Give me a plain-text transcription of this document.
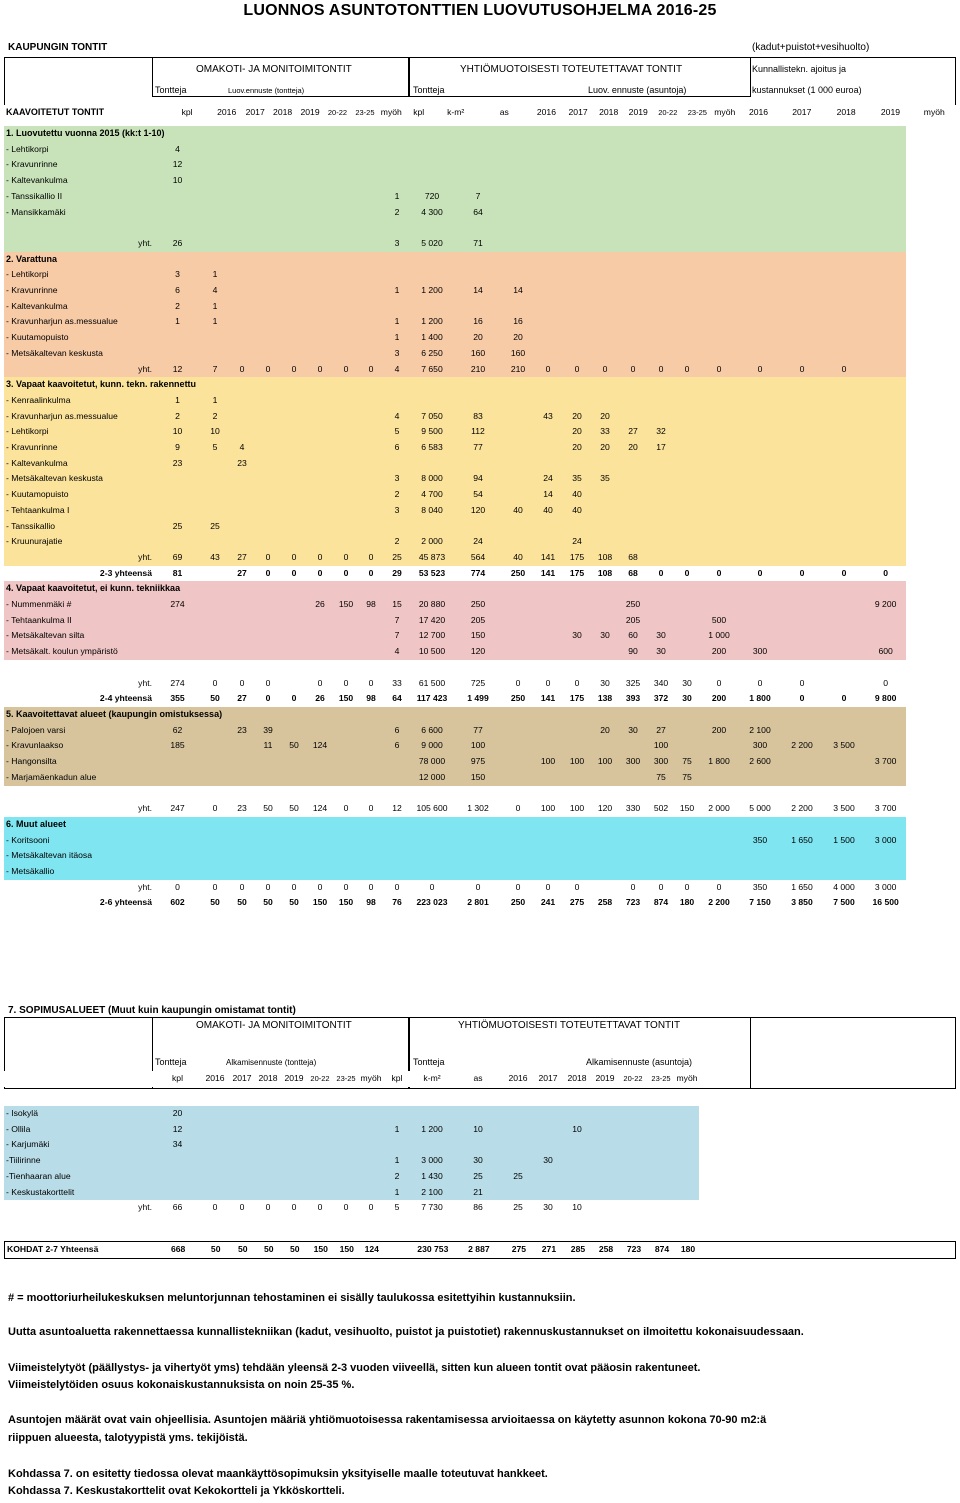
LUONNOS ASUNTOTONTTIEN LUOVUTUSOHJELMA 2016-25
KAUPUNGIN TONTIT	(kadut+puistot+vesihuolto)
OMAKOTI- JA MONITOIMITONTIT	YHTIÖMUOTOISESTI TOTEUTETTAVAT TONTIT	Kunnallistekn. ajoitus ja
Tontteja	Luov.ennuste (tontteja)	Tontteja	Luov. ennuste (asuntoja)	kustannukset (1 000 euroa)
KAAVOITETUT TONTIT	kpl	2016	2017	2018	2019	20-22	23-25	myöh	kpl	k-m²	as	2016	2017	2018	2019	20-22	23-25	myöh	2016	2017	2018	2019	myöh
1. Luovutettu vuonna 2015 (kk:t 1-10)																							
- Lehtikorpi	4																						
- Kravunrinne	12																						
- Kaltevankulma	10																						
- Tanssikallio II									1	720	7												
- Mansikkamäki									2	4 300	64												

yht.	26								3	5 020	71												
2. Varattuna																							
- Lehtikorpi	3	1																					
- Kravunrinne	6	4							1	1 200	14	14											
- Kaltevankulma	2	1																					
- Kravunharjun as.messualue	1	1							1	1 200	16	16											
- Kuutamopuisto									1	1 400	20	20											
- Metsäkaltevan keskusta									3	6 250	160	160											
yht.	12	7	0	0	0	0	0	0	4	7 650	210	210	0	0	0	0	0	0	0	0	0	0	
3. Vapaat kaavoitetut, kunn. tekn. rakennettu																							
- Kenraalinkulma	1	1																					
- Kravunharjun as.messualue	2	2							4	7 050	83		43	20	20								
- Lehtikorpi	10	10							5	9 500	112			20	33	27	32						
- Kravunrinne	9	5	4						6	6 583	77			20	20	20	17						
- Kaltevankulma	23		23																				
- Metsäkaltevan keskusta									3	8 000	94		24	35	35								
- Kuutamopuisto									2	4 700	54		14	40									
- Tehtaankulma I									3	8 040	120	40	40	40									
- Tanssikallio	25	25																					
- Kruunurajatie									2	2 000	24			24									
yht.	69	43	27	0	0	0	0	0	25	45 873	564	40	141	175	108	68							
2-3 yhteensä	81		27	0	0	0	0	0	29	53 523	774	250	141	175	108	68	0	0	0	0	0	0	0
4. Vapaat kaavoitetut, ei kunn. tekniikkaa																							
- Nummenmäki #	274					26	150	98	15	20 880	250					250							9 200
- Tehtaankulma II									7	17 420	205					205			500				
- Metsäkaltevan silta									7	12 700	150			30	30	60	30		1 000				
- Metsäkalt. koulun ympäristö									4	10 500	120					90	30		200	300			600

yht.	274	0	0	0		0	0	0	33	61 500	725	0	0	0	30	325	340	30	0	0	0		0
2-4 yhteensä	355	50	27	0	0	26	150	98	64	117 423	1 499	250	141	175	138	393	372	30	200	1 800	0	0	9 800
5. Kaavoitettavat alueet (kaupungin omistuksessa)																							
- Palojoen varsi	62		23	39					6	6 600	77				20	30	27		200	2 100			
- Kravunlaakso	185			11	50	124			6	9 000	100						100			300	2 200	3 500	
- Hangonsilta										78 000	975		100	100	100	300	300	75	1 800	2 600			3 700
- Marjamäenkadun alue										12 000	150						75	75					

yht.	247	0	23	50	50	124	0	0	12	105 600	1 302	0	100	100	120	330	502	150	2 000	5 000	2 200	3 500	3 700
6. Muut alueet																							
- Koritsooni																				350	1 650	1 500	3 000
- Metsäkaltevan itäosa																							
- Metsäkallio																							
yht.	0	0	0	0	0	0	0	0	0	0	0	0	0	0		0	0	0	0	350	1 650	4 000	3 000
2-6 yhteensä	602	50	50	50	50	150	150	98	76	223 023	2 801	250	241	275	258	723	874	180	2 200	7 150	3 850	7 500	16 500
7. SOPIMUSALUEET (Muut kuin kaupungin omistamat tontit)
OMAKOTI- JA MONITOIMITONTIT	YHTIÖMUOTOISESTI TOTEUTETTAVAT TONTIT
Tontteja	Alkamisennuste (tontteja)	Tontteja	Alkamisennuste (asuntoja)
	kpl	2016	2017	2018	2019	20-22	23-25	myöh	kpl	k-m²	as	2016	2017	2018	2019	20-22	23-25	myöh
- Isokylä	20																	
- Ollila	12								1	1 200	10			10				
- Karjumäki	34																	
-Tiilirinne									1	3 000	30		30					
-Tienhaaran alue									2	1 430	25	25						
- Keskustakorttelit									1	2 100	21							
yht.	66	0	0	0	0	0	0	0	5	7 730	86	25	30	10				
KOHDAT 2-7 Yhteensä	668	50	50	50	50	150	150	124		230 753	2 887	275	271	285	258	723	874	180	
# = moottoriurheilukeskuksen meluntorjunnan tehostaminen ei sisälly taulukossa esitettyihin kustannuksiin.
Uutta asuntoaluetta rakennettaessa kunnallistekniikan (kadut, vesihuolto, puistot ja puistotiet) rakennuskustannukset on ilmoitettu kokonaisuudessaan.
Viimeistelytyöt (päällystys- ja vihertyöt yms) tehdään yleensä 2-3 vuoden viiveellä, sitten kun alueen tontit ovat pääosin rakentuneet.
Viimeistelytöiden osuus kokonaiskustannuksista on noin 25-35 %.
Asuntojen määrät ovat vain ohjeellisia. Asuntojen määriä yhtiömuotoisessa rakentamisessa arvioitaessa on käytetty asunnon kokona 70-90 m2:ä
riippuen alueesta, talotyypistä yms. tekijöistä.
Kohdassa 7. on esitetty tiedossa olevat maankäyttösopimuksin yksityiselle maalle toteutuvat hankkeet.
Kohdassa 7. Keskustakorttelit ovat Kekokortteli ja Ykköskortteli.
